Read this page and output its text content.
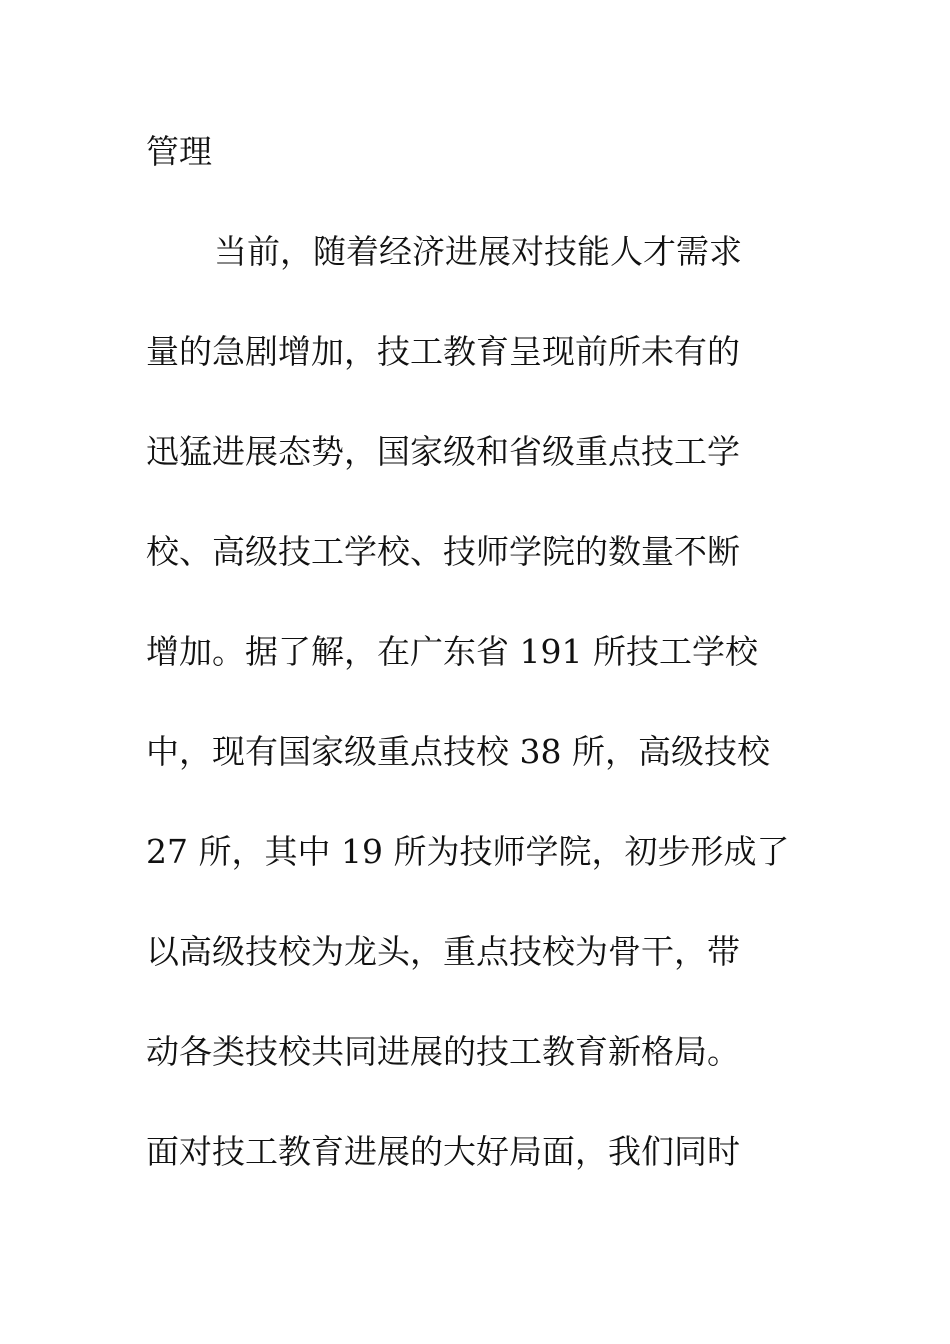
管理

当前，随着经济进展对技能人才需求

量的急剧增加，技工教育呈现前所未有的

迅猛进展态势，国家级和省级重点技工学

校、高级技工学校、技师学院的数量不断

增加。据了解，在广东省 191 所技工学校

中，现有国家级重点技校 38 所，高级技校

27 所，其中 19 所为技师学院，初步形成了

以高级技校为龙头，重点技校为骨干，带

动各类技校共同进展的技工教育新格局。

面对技工教育进展的大好局面，我们同时
